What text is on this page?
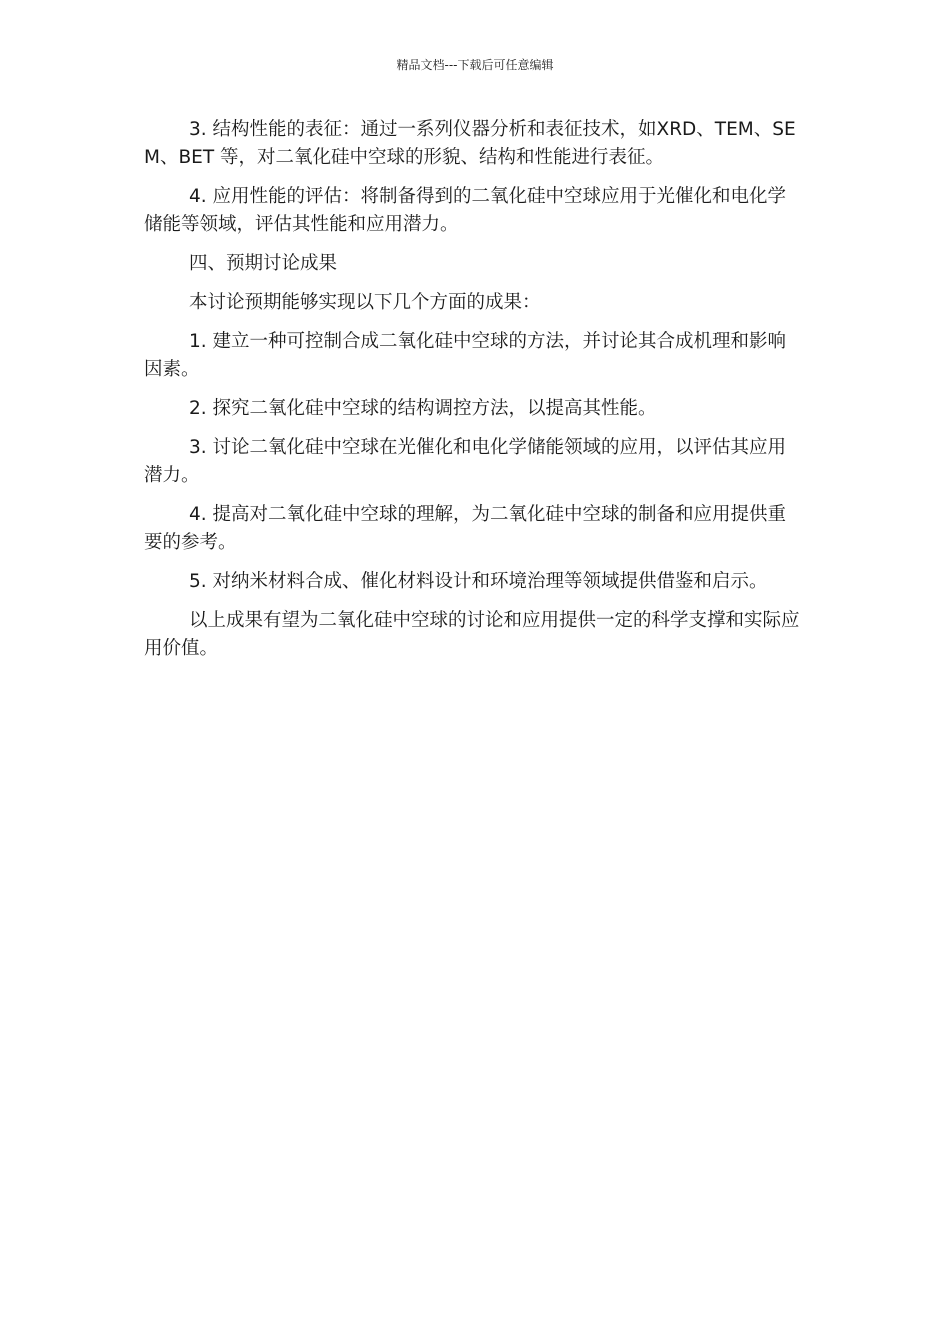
精品文档---下载后可任意编辑

3. 结构性能的表征：通过一系列仪器分析和表征技术，如XRD、TEM、SEM、BET 等，对二氧化硅中空球的形貌、结构和性能进行表征。

4. 应用性能的评估：将制备得到的二氧化硅中空球应用于光催化和电化学储能等领域，评估其性能和应用潜力。

四、预期讨论成果

本讨论预期能够实现以下几个方面的成果：

1. 建立一种可控制合成二氧化硅中空球的方法，并讨论其合成机理和影响因素。

2. 探究二氧化硅中空球的结构调控方法，以提高其性能。

3. 讨论二氧化硅中空球在光催化和电化学储能领域的应用，以评估其应用潜力。

4. 提高对二氧化硅中空球的理解，为二氧化硅中空球的制备和应用提供重要的参考。

5. 对纳米材料合成、催化材料设计和环境治理等领域提供借鉴和启示。

以上成果有望为二氧化硅中空球的讨论和应用提供一定的科学支撑和实际应用价值。
